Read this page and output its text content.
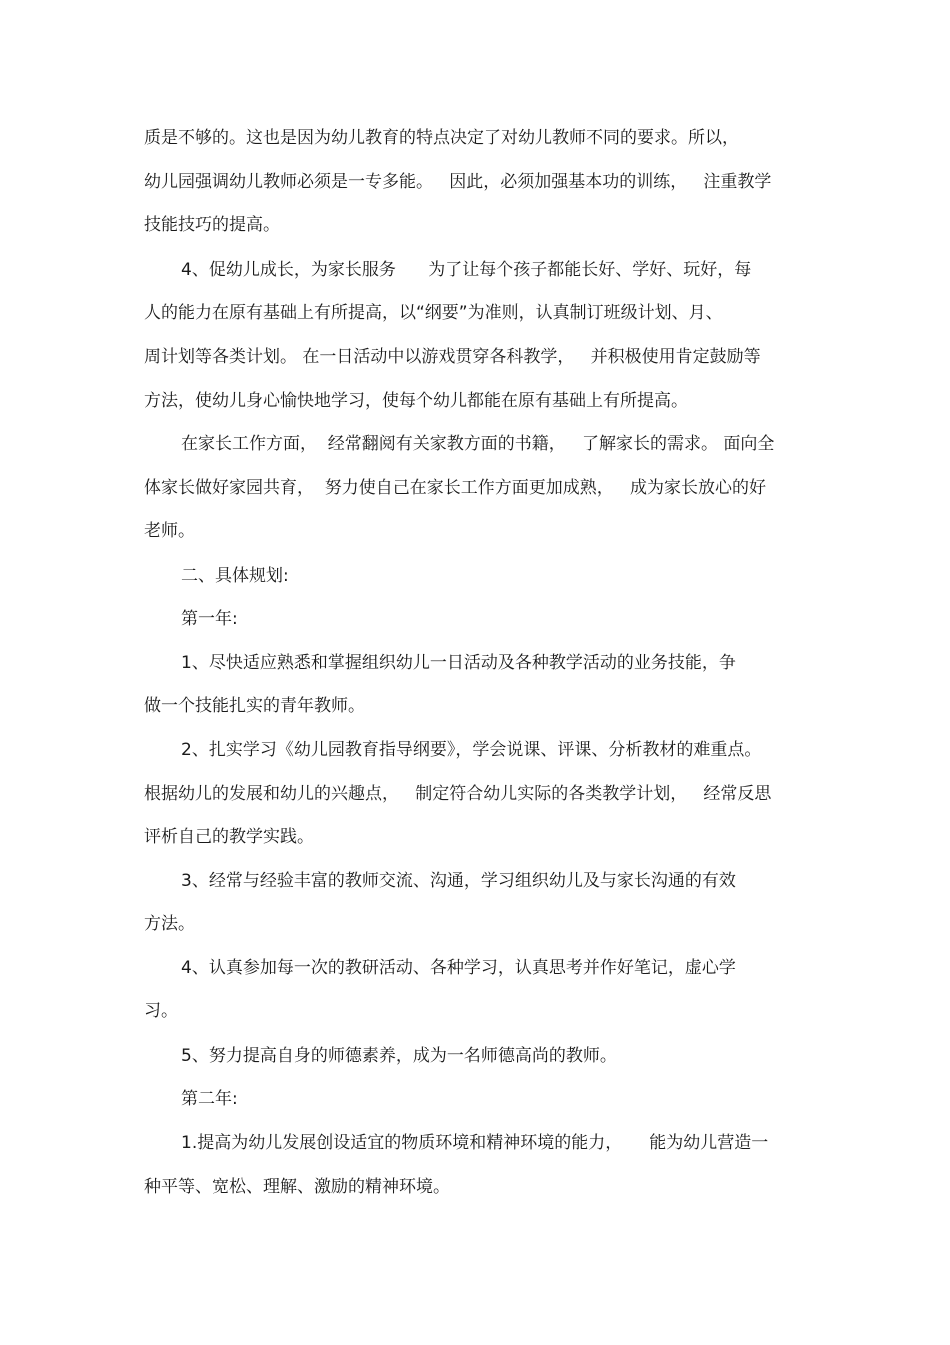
质是不够的。这也是因为幼儿教育的特点决定了对幼儿教师不同的要求。所以，
幼儿园强调幼儿教师必须是一专多能。   因此，必须加强基本功的训练，   注重教学
技能技巧的提高。
4、促幼儿成长，为家长服务      为了让每个孩子都能长好、学好、玩好，每
人的能力在原有基础上有所提高，以“纲要”为准则，认真制订班级计划、月、
周计划等各类计划。 在一日活动中以游戏贯穿各科教学，   并积极使用肯定鼓励等
方法，使幼儿身心愉快地学习，使每个幼儿都能在原有基础上有所提高。
在家长工作方面，  经常翻阅有关家教方面的书籍，   了解家长的需求。 面向全
体家长做好家园共育，  努力使自己在家长工作方面更加成熟，   成为家长放心的好
老师。
二、具体规划:
第一年:
1、尽快适应熟悉和掌握组织幼儿一日活动及各种教学活动的业务技能，争
做一个技能扎实的青年教师。
2、扎实学习《幼儿园教育指导纲要》，学会说课、评课、分析教材的难重点。
根据幼儿的发展和幼儿的兴趣点，   制定符合幼儿实际的各类教学计划，   经常反思
评析自己的教学实践。
3、经常与经验丰富的教师交流、沟通，学习组织幼儿及与家长沟通的有效
方法。
4、认真参加每一次的教研活动、各种学习，认真思考并作好笔记，虚心学
习。
5、努力提高自身的师德素养，成为一名师德高尚的教师。
第二年:
1.提高为幼儿发展创设适宜的物质环境和精神环境的能力，     能为幼儿营造一
种平等、宽松、理解、激励的精神环境。
